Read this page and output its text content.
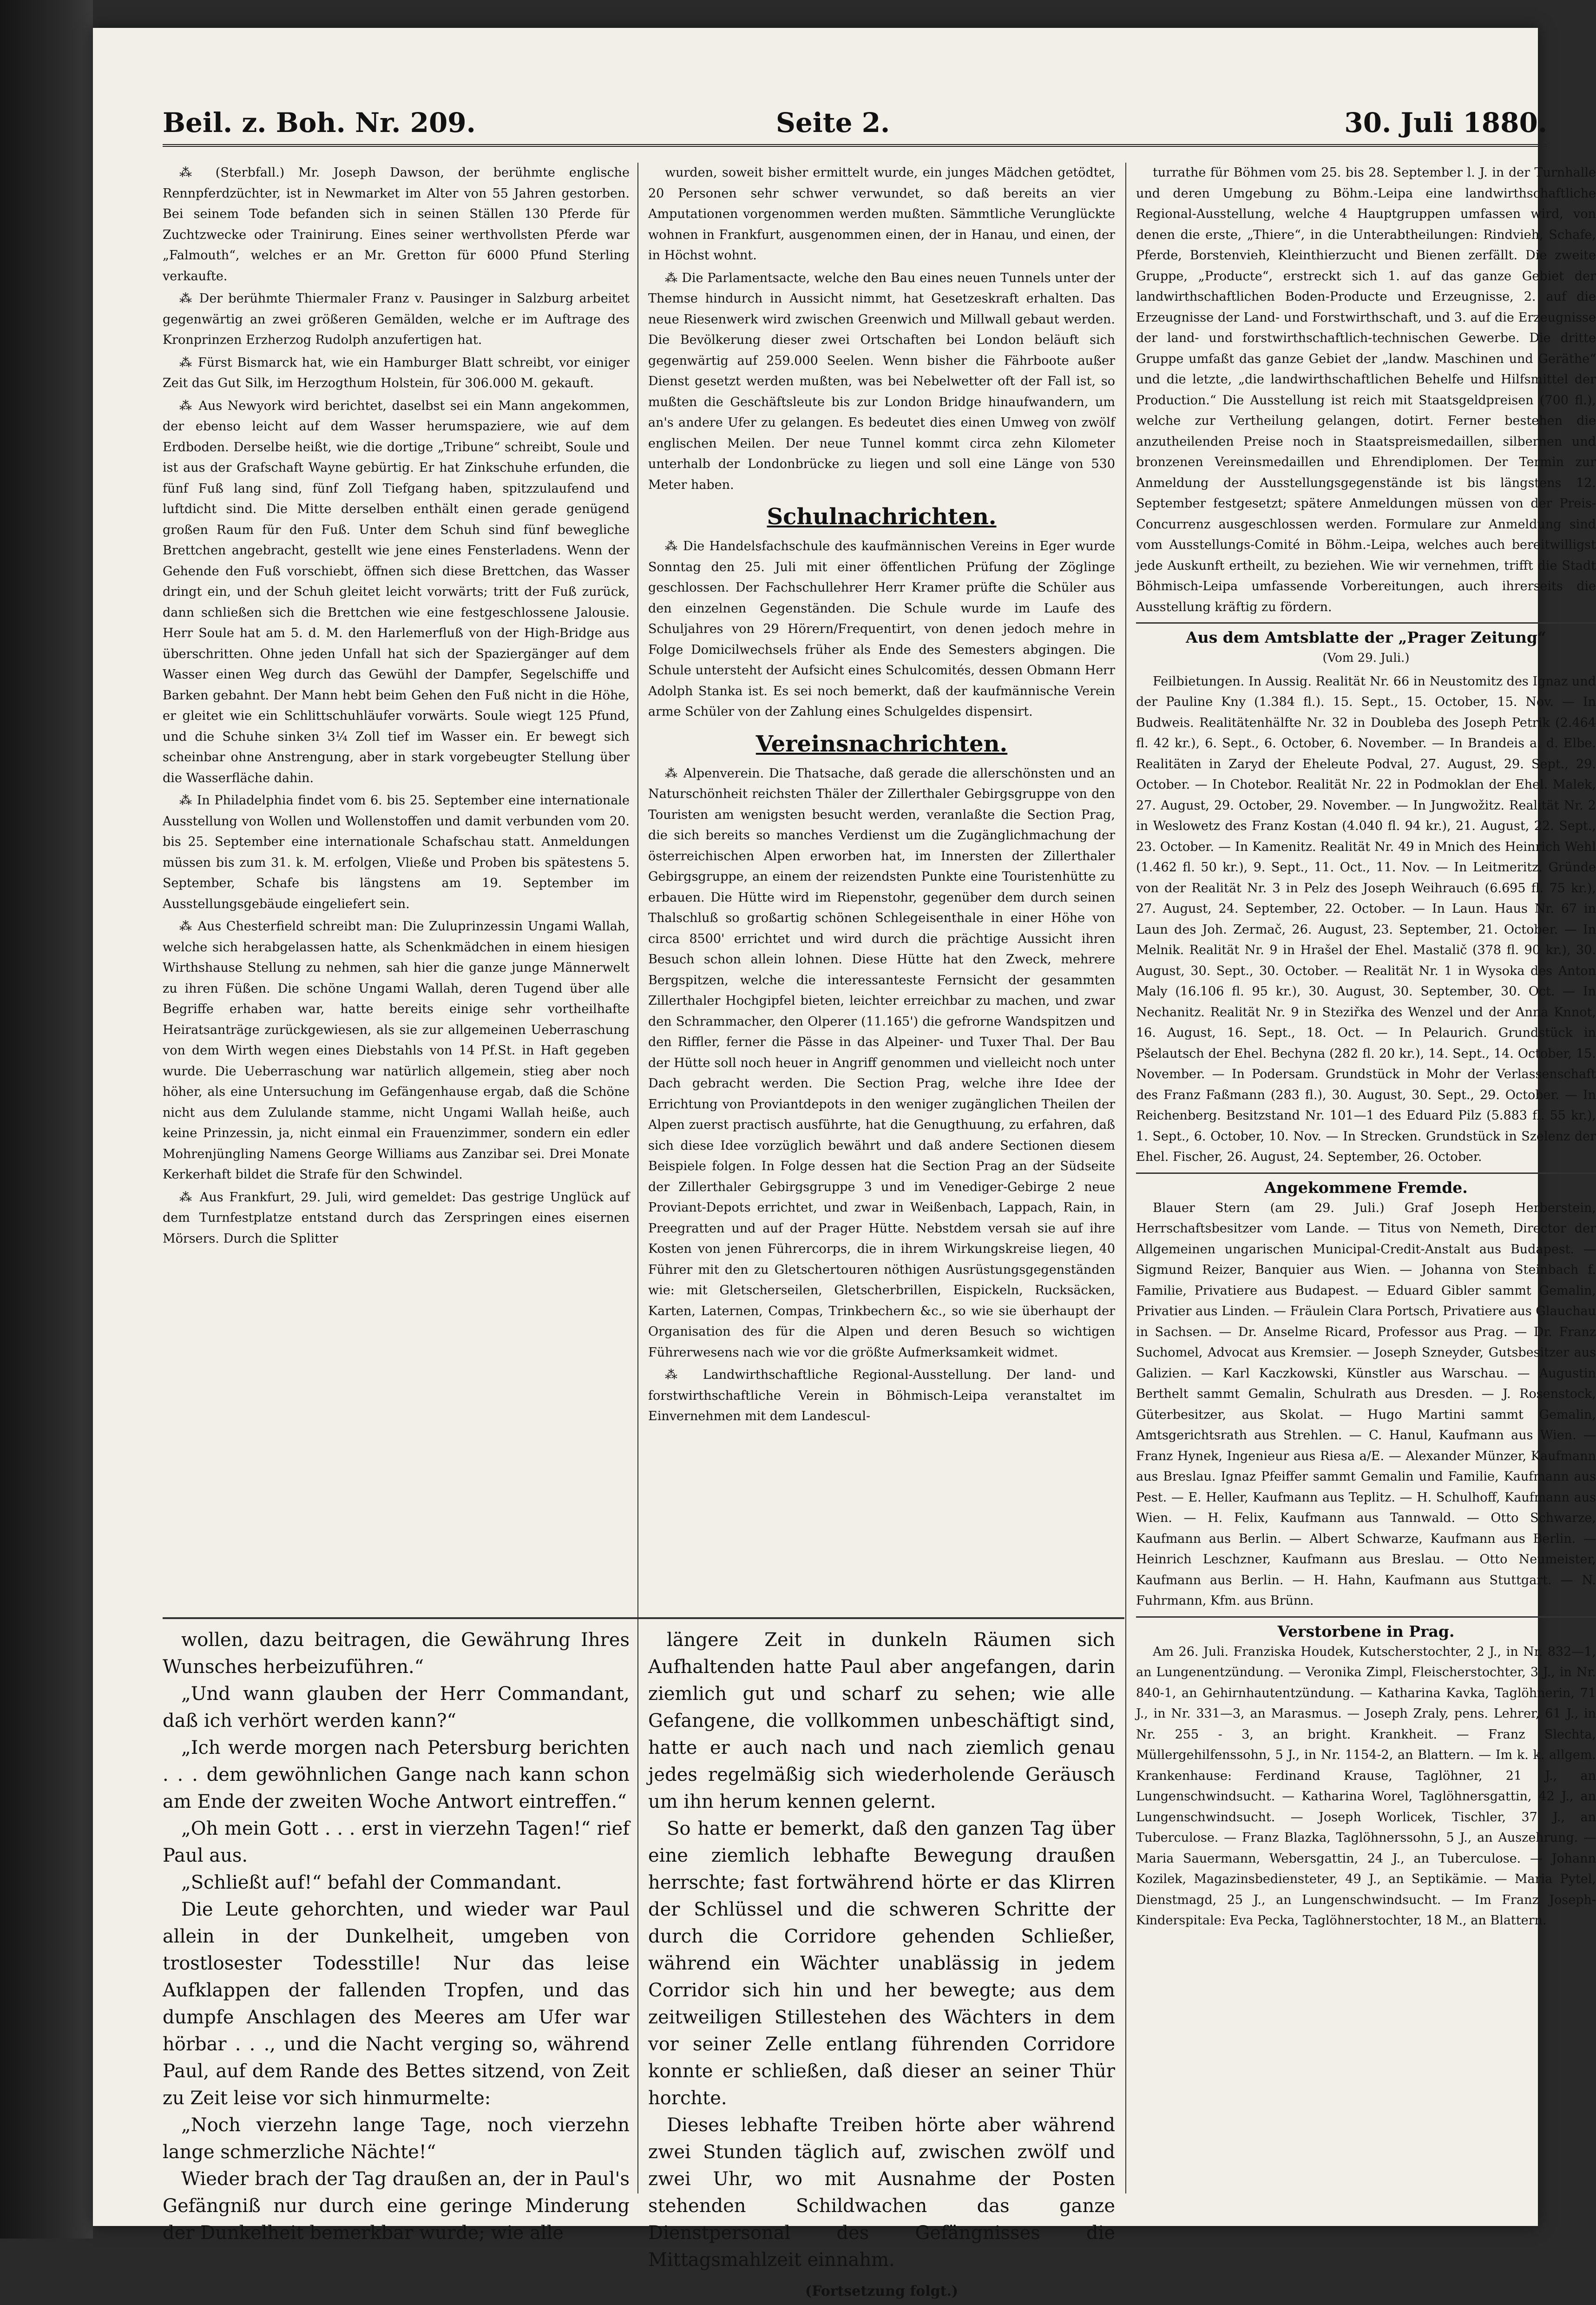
Beil. z. Boh. Nr. 209.	Seite 2.	30. Juli 1880.

⁂ (Sterbfall.) Mr. Joseph Dawson, der berühmte englische Rennpferdzüchter, ist in Newmarket im Alter von 55 Jahren gestorben. Bei seinem Tode befanden sich in seinen Ställen 130 Pferde für Zuchtzwecke oder Trainirung. Eines seiner werthvollsten Pferde war „Falmouth“, welches er an Mr. Gretton für 6000 Pfund Sterling verkaufte.

⁂ Der berühmte Thiermaler Franz v. Pausinger in Salzburg arbeitet gegenwärtig an zwei größeren Gemälden, welche er im Auftrage des Kronprinzen Erzherzog Rudolph anzufertigen hat.

⁂ Fürst Bismarck hat, wie ein Hamburger Blatt schreibt, vor einiger Zeit das Gut Silk, im Herzogthum Holstein, für 306.000 M. gekauft.

⁂ Aus Newyork wird berichtet, daselbst sei ein Mann angekommen, der ebenso leicht auf dem Wasser herumspaziere, wie auf dem Erdboden. Derselbe heißt, wie die dortige „Tribune“ schreibt, Soule und ist aus der Grafschaft Wayne gebürtig. Er hat Zinkschuhe erfunden, die fünf Fuß lang sind, fünf Zoll Tiefgang haben, spitzzulaufend und luftdicht sind. Die Mitte derselben enthält einen gerade genügend großen Raum für den Fuß. Unter dem Schuh sind fünf bewegliche Brettchen angebracht, gestellt wie jene eines Fensterladens. Wenn der Gehende den Fuß vorschiebt, öffnen sich diese Brettchen, das Wasser dringt ein, und der Schuh gleitet leicht vorwärts; tritt der Fuß zurück, dann schließen sich die Brettchen wie eine festgeschlossene Jalousie. Herr Soule hat am 5. d. M. den Harlemerfluß von der High-Bridge aus überschritten. Ohne jeden Unfall hat sich der Spaziergänger auf dem Wasser einen Weg durch das Gewühl der Dampfer, Segelschiffe und Barken gebahnt. Der Mann hebt beim Gehen den Fuß nicht in die Höhe, er gleitet wie ein Schlittschuhläufer vorwärts. Soule wiegt 125 Pfund, und die Schuhe sinken 3¼ Zoll tief im Wasser ein. Er bewegt sich scheinbar ohne Anstrengung, aber in stark vorgebeugter Stellung über die Wasserfläche dahin.

⁂ In Philadelphia findet vom 6. bis 25. September eine internationale Ausstellung von Wollen und Wollenstoffen und damit verbunden vom 20. bis 25. September eine internationale Schafschau statt. Anmeldungen müssen bis zum 31. k. M. erfolgen, Vließe und Proben bis spätestens 5. September, Schafe bis längstens am 19. September im Ausstellungsgebäude eingeliefert sein.

⁂ Aus Chesterfield schreibt man: Die Zuluprinzessin Ungami Wallah, welche sich herabgelassen hatte, als Schenkmädchen in einem hiesigen Wirthshause Stellung zu nehmen, sah hier die ganze junge Männerwelt zu ihren Füßen. Die schöne Ungami Wallah, deren Tugend über alle Begriffe erhaben war, hatte bereits einige sehr vortheilhafte Heiratsanträge zurückgewiesen, als sie zur allgemeinen Ueberraschung von dem Wirth wegen eines Diebstahls von 14 Pf.St. in Haft gegeben wurde. Die Ueberraschung war natürlich allgemein, stieg aber noch höher, als eine Untersuchung im Gefängenhause ergab, daß die Schöne nicht aus dem Zululande stamme, nicht Ungami Wallah heiße, auch keine Prinzessin, ja, nicht einmal ein Frauenzimmer, sondern ein edler Mohrenjüngling Namens George Williams aus Zanzibar sei. Drei Monate Kerkerhaft bildet die Strafe für den Schwindel.

⁂ Aus Frankfurt, 29. Juli, wird gemeldet: Das gestrige Unglück auf dem Turnfestplatze entstand durch das Zerspringen eines eisernen Mörsers. Durch die Splitter

wurden, soweit bisher ermittelt wurde, ein junges Mädchen getödtet, 20 Personen sehr schwer verwundet, so daß bereits an vier Amputationen vorgenommen werden mußten. Sämmtliche Verunglückte wohnen in Frankfurt, ausgenommen einen, der in Hanau, und einen, der in Höchst wohnt.

⁂ Die Parlamentsacte, welche den Bau eines neuen Tunnels unter der Themse hindurch in Aussicht nimmt, hat Gesetzeskraft erhalten. Das neue Riesenwerk wird zwischen Greenwich und Millwall gebaut werden. Die Bevölkerung dieser zwei Ortschaften bei London beläuft sich gegenwärtig auf 259.000 Seelen. Wenn bisher die Fährboote außer Dienst gesetzt werden mußten, was bei Nebelwetter oft der Fall ist, so mußten die Geschäftsleute bis zur London Bridge hinaufwandern, um an's andere Ufer zu gelangen. Es bedeutet dies einen Umweg von zwölf englischen Meilen. Der neue Tunnel kommt circa zehn Kilometer unterhalb der Londonbrücke zu liegen und soll eine Länge von 530 Meter haben.

Schulnachrichten.

⁂ Die Handelsfachschule des kaufmännischen Vereins in Eger wurde Sonntag den 25. Juli mit einer öffentlichen Prüfung der Zöglinge geschlossen. Der Fachschullehrer Herr Kramer prüfte die Schüler aus den einzelnen Gegenständen. Die Schule wurde im Laufe des Schuljahres von 29 Hörern/Frequentirt, von denen jedoch mehre in Folge Domicilwechsels früher als Ende des Semesters abgingen. Die Schule untersteht der Aufsicht eines Schulcomités, dessen Obmann Herr Adolph Stanka ist. Es sei noch bemerkt, daß der kaufmännische Verein arme Schüler von der Zahlung eines Schulgeldes dispensirt.

Vereinsnachrichten.

⁂ Alpenverein. Die Thatsache, daß gerade die allerschönsten und an Naturschönheit reichsten Thäler der Zillerthaler Gebirgsgruppe von den Touristen am wenigsten besucht werden, veranlaßte die Section Prag, die sich bereits so manches Verdienst um die Zugänglichmachung der österreichischen Alpen erworben hat, im Innersten der Zillerthaler Gebirgsgruppe, an einem der reizendsten Punkte eine Touristenhütte zu erbauen. Die Hütte wird im Riepenstohr, gegenüber dem durch seinen Thalschluß so großartig schönen Schlegeisenthale in einer Höhe von circa 8500' errichtet und wird durch die prächtige Aussicht ihren Besuch schon allein lohnen. Diese Hütte hat den Zweck, mehrere Bergspitzen, welche die interessanteste Fernsicht der gesammten Zillerthaler Hochgipfel bieten, leichter erreichbar zu machen, und zwar den Schrammacher, den Olperer (11.165') die gefrorne Wandspitzen und den Riffler, ferner die Pässe in das Alpeiner- und Tuxer Thal. Der Bau der Hütte soll noch heuer in Angriff genommen und vielleicht noch unter Dach gebracht werden. Die Section Prag, welche ihre Idee der Errichtung von Proviantdepots in den weniger zugänglichen Theilen der Alpen zuerst practisch ausführte, hat die Genugthuung, zu erfahren, daß sich diese Idee vorzüglich bewährt und daß andere Sectionen diesem Beispiele folgen. In Folge dessen hat die Section Prag an der Südseite der Zillerthaler Gebirgsgruppe 3 und im Venediger-Gebirge 2 neue Proviant-Depots errichtet, und zwar in Weißenbach, Lappach, Rain, in Preegratten und auf der Prager Hütte. Nebstdem versah sie auf ihre Kosten von jenen Führercorps, die in ihrem Wirkungskreise liegen, 40 Führer mit den zu Gletschertouren nöthigen Ausrüstungsgegenständen wie: mit Gletscherseilen, Gletscherbrillen, Eispickeln, Rucksäcken, Karten, Laternen, Compas, Trinkbechern &c., so wie sie überhaupt der Organisation des für die Alpen und deren Besuch so wichtigen Führerwesens nach wie vor die größte Aufmerksamkeit widmet.

⁂ Landwirthschaftliche Regional-Ausstellung. Der land- und forstwirthschaftliche Verein in Böhmisch-Leipa veranstaltet im Einvernehmen mit dem Landescul-

turrathe für Böhmen vom 25. bis 28. September l. J. in der Turnhalle und deren Umgebung zu Böhm.-Leipa eine landwirthschaftliche Regional-Ausstellung, welche 4 Hauptgruppen umfassen wird, von denen die erste, „Thiere“, in die Unterabtheilungen: Rindvieh, Schafe, Pferde, Borstenvieh, Kleinthierzucht und Bienen zerfällt. Die zweite Gruppe, „Producte“, erstreckt sich 1. auf das ganze Gebiet der landwirthschaftlichen Boden-Producte und Erzeugnisse, 2. auf die Erzeugnisse der Land- und Forstwirthschaft, und 3. auf die Erzeugnisse der land- und forstwirthschaftlich-technischen Gewerbe. Die dritte Gruppe umfaßt das ganze Gebiet der „landw. Maschinen und Geräthe“ und die letzte, „die landwirthschaftlichen Behelfe und Hilfsmittel der Production.“ Die Ausstellung ist reich mit Staatsgeldpreisen (700 fl.), welche zur Vertheilung gelangen, dotirt. Ferner bestehen die anzutheilenden Preise noch in Staatspreismedaillen, silbernen und bronzenen Vereinsmedaillen und Ehrendiplomen. Der Termin zur Anmeldung der Ausstellungsgegenstände ist bis längstens 12. September festgesetzt; spätere Anmeldungen müssen von der Preis-Concurrenz ausgeschlossen werden. Formulare zur Anmeldung sind vom Ausstellungs-Comité in Böhm.-Leipa, welches auch bereitwilligst jede Auskunft ertheilt, zu beziehen. Wie wir vernehmen, trifft die Stadt Böhmisch-Leipa umfassende Vorbereitungen, auch ihrerseits die Ausstellung kräftig zu fördern.

Aus dem Amtsblatte der „Prager Zeitung“
(Vom 29. Juli.)

Feilbietungen. In Aussig. Realität Nr. 66 in Neustomitz des Ignaz und der Pauline Kny (1.384 fl.). 15. Sept., 15. October, 15. Nov. — In Budweis. Realitätenhälfte Nr. 32 in Doubleba des Joseph Petrik (2.464 fl. 42 kr.), 6. Sept., 6. October, 6. November. — In Brandeis a. d. Elbe. Realitäten in Zaryd der Eheleute Podval, 27. August, 29. Sept., 29. October. — In Chotebor. Realität Nr. 22 in Podmoklan der Ehel. Malek, 27. August, 29. October, 29. November. — In Jungwožitz. Realität Nr. 2 in Weslowetz des Franz Kostan (4.040 fl. 94 kr.), 21. August, 22. Sept., 23. October. — In Kamenitz. Realität Nr. 49 in Mnich des Heinrich Wehl (1.462 fl. 50 kr.), 9. Sept., 11. Oct., 11. Nov. — In Leitmeritz. Gründe von der Realität Nr. 3 in Pelz des Joseph Weihrauch (6.695 fl. 75 kr.), 27. August, 24. September, 22. October. — In Laun. Haus Nr. 67 in Laun des Joh. Zermač, 26. August, 23. September, 21. October. — In Melnik. Realität Nr. 9 in Hrašel der Ehel. Mastalič (378 fl. 90 kr.), 30. August, 30. Sept., 30. October. — Realität Nr. 1 in Wysoka des Anton Maly (16.106 fl. 95 kr.), 30. August, 30. September, 30. Oct. — In Nechanitz. Realität Nr. 9 in Steziřka des Wenzel und der Anna Knnot, 16. August, 16. Sept., 18. Oct. — In Pelaurich. Grundstück in Pšelautsch der Ehel. Bechyna (282 fl. 20 kr.), 14. Sept., 14. October, 15. November. — In Podersam. Grundstück in Mohr der Verlassenschaft des Franz Faßmann (283 fl.), 30. August, 30. Sept., 29. October. — In Reichenberg. Besitzstand Nr. 101—1 des Eduard Pilz (5.883 fl. 55 kr.), 1. Sept., 6. October, 10. Nov. — In Strecken. Grundstück in Szelenz der Ehel. Fischer, 26. August, 24. September, 26. October.

Angekommene Fremde.

Blauer Stern (am 29. Juli.) Graf Joseph Herberstein, Herrschaftsbesitzer vom Lande. — Titus von Nemeth, Director der Allgemeinen ungarischen Municipal-Credit-Anstalt aus Budapest. — Sigmund Reizer, Banquier aus Wien. — Johanna von Steinbach f. Familie, Privatiere aus Budapest. — Eduard Gibler sammt Gemalin, Privatier aus Linden. — Fräulein Clara Portsch, Privatiere aus Glauchau in Sachsen. — Dr. Anselme Ricard, Professor aus Prag. — Dr. Franz Suchomel, Advocat aus Kremsier. — Joseph Szneyder, Gutsbesitzer aus Galizien. — Karl Kaczkowski, Künstler aus Warschau. — Augustin Berthelt sammt Gemalin, Schulrath aus Dresden. — J. Rosenstock, Güterbesitzer, aus Skolat. — Hugo Martini sammt Gemalin, Amtsgerichtsrath aus Strehlen. — C. Hanul, Kaufmann aus Wien. — Franz Hynek, Ingenieur aus Riesa a/E. — Alexander Münzer, Kaufmann aus Breslau. Ignaz Pfeiffer sammt Gemalin und Familie, Kaufmann aus Pest. — E. Heller, Kaufmann aus Teplitz. — H. Schulhoff, Kaufmann aus Wien. — H. Felix, Kaufmann aus Tannwald. — Otto Schwarze, Kaufmann aus Berlin. — Albert Schwarze, Kaufmann aus Berlin. — Heinrich Leschzner, Kaufmann aus Breslau. — Otto Neumeister, Kaufmann aus Berlin. — H. Hahn, Kaufmann aus Stuttgart. — N. Fuhrmann, Kfm. aus Brünn.

Verstorbene in Prag.

Am 26. Juli. Franziska Houdek, Kutscherstochter, 2 J., in Nr. 832—1, an Lungenentzündung. — Veronika Zimpl, Fleischerstochter, 3 J., in Nr. 840-1, an Gehirnhautentzündung. — Katharina Kavka, Taglöhnerin, 71 J., in Nr. 331—3, an Marasmus. — Joseph Zraly, pens. Lehrer, 61 J., in Nr. 255 - 3, an bright. Krankheit. — Franz Slechta, Müllergehilfenssohn, 5 J., in Nr. 1154-2, an Blattern. — Im k. k. allgem. Krankenhause: Ferdinand Krause, Taglöhner, 21 J., an Lungenschwindsucht. — Katharina Worel, Taglöhnersgattin, 42 J., an Lungenschwindsucht. — Joseph Worlicek, Tischler, 37 J., an Tuberculose. — Franz Blazka, Taglöhnerssohn, 5 J., an Auszehrung. — Maria Sauermann, Webersgattin, 24 J., an Tuberculose. — Johann Kozilek, Magazinsbediensteter, 49 J., an Septikämie. — Maria Pytel, Dienstmagd, 25 J., an Lungenschwindsucht. — Im Franz Joseph-Kinderspitale: Eva Pecka, Taglöhnerstochter, 18 M., an Blattern.

wollen, dazu beitragen, die Gewährung Ihres Wunsches herbeizuführen.“

„Und wann glauben der Herr Commandant, daß ich verhört werden kann?“

„Ich werde morgen nach Petersburg berichten . . . dem gewöhnlichen Gange nach kann schon am Ende der zweiten Woche Antwort eintreffen.“

„Oh mein Gott . . . erst in vierzehn Tagen!“ rief Paul aus.

„Schließt auf!“ befahl der Commandant.

Die Leute gehorchten, und wieder war Paul allein in der Dunkelheit, umgeben von trostlosester Todesstille! Nur das leise Aufklappen der fallenden Tropfen, und das dumpfe Anschlagen des Meeres am Ufer war hörbar . . ., und die Nacht verging so, während Paul, auf dem Rande des Bettes sitzend, von Zeit zu Zeit leise vor sich hinmurmelte:

„Noch vierzehn lange Tage, noch vierzehn lange schmerzliche Nächte!“

Wieder brach der Tag draußen an, der in Paul's Gefängniß nur durch eine geringe Minderung der Dunkelheit bemerkbar wurde; wie alle

längere Zeit in dunkeln Räumen sich Aufhaltenden hatte Paul aber angefangen, darin ziemlich gut und scharf zu sehen; wie alle Gefangene, die vollkommen unbeschäftigt sind, hatte er auch nach und nach ziemlich genau jedes regelmäßig sich wiederholende Geräusch um ihn herum kennen gelernt.

So hatte er bemerkt, daß den ganzen Tag über eine ziemlich lebhafte Bewegung draußen herrschte; fast fortwährend hörte er das Klirren der Schlüssel und die schweren Schritte der durch die Corridore gehenden Schließer, während ein Wächter unablässig in jedem Corridor sich hin und her bewegte; aus dem zeitweiligen Stillestehen des Wächters in dem vor seiner Zelle entlang führenden Corridore konnte er schließen, daß dieser an seiner Thür horchte.

Dieses lebhafte Treiben hörte aber während zwei Stunden täglich auf, zwischen zwölf und zwei Uhr, wo mit Ausnahme der Posten stehenden Schildwachen das ganze Dienstpersonal des Gefängnisses die Mittagsmahlzeit einnahm.

(Fortsetzung folgt.)
